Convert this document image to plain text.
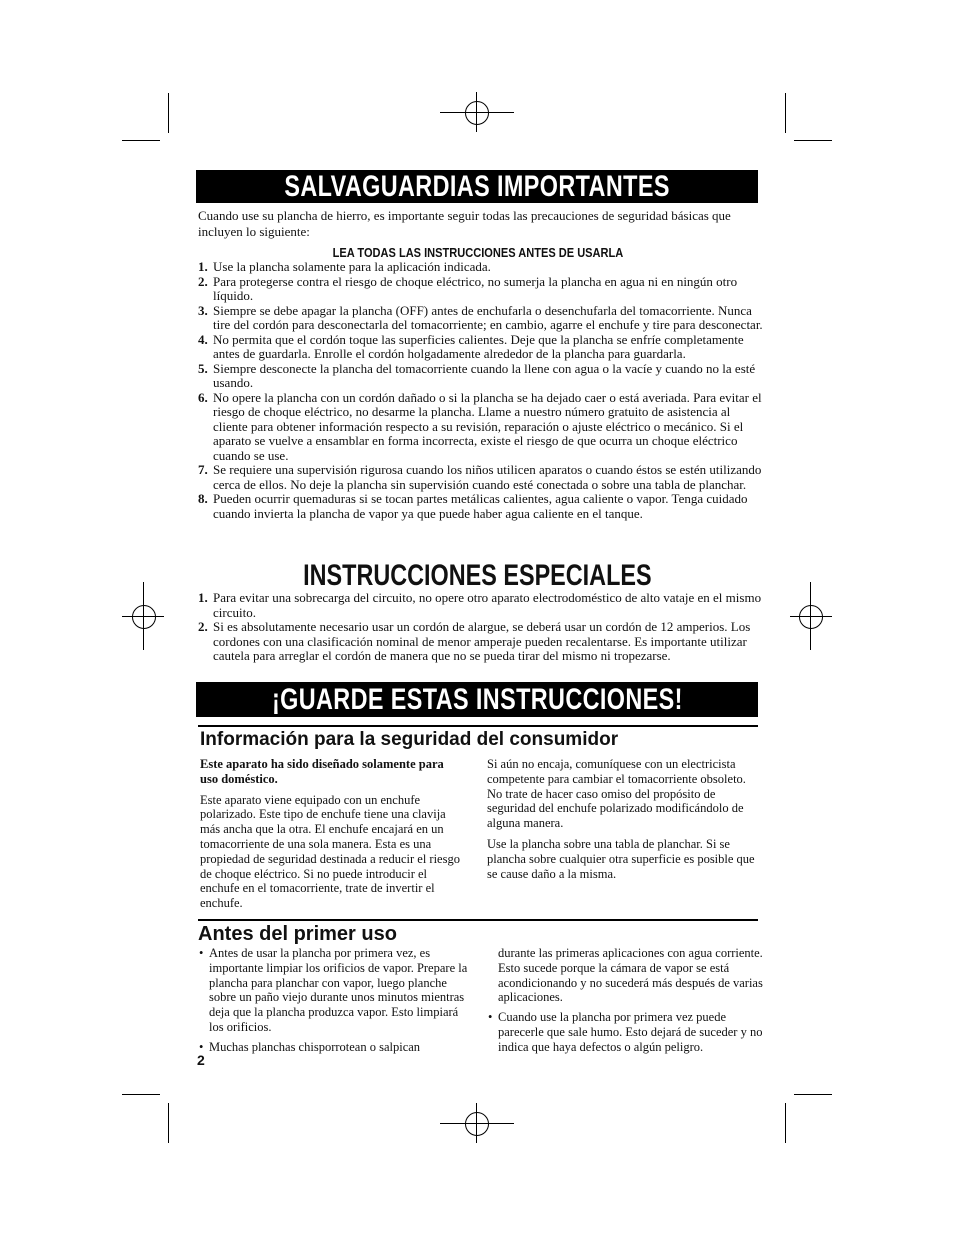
SALVAGUARDIAS IMPORTANTES
Cuando use su plancha de hierro, es importante seguir todas las precauciones de seguridad básicas que incluyen lo siguiente:
LEA TODAS LAS INSTRUCCIONES ANTES DE USARLA
1. Use la plancha solamente para la aplicación indicada.
2. Para protegerse contra el riesgo de choque eléctrico, no sumerja la plancha en agua ni en ningún otro líquido.
3. Siempre se debe apagar la plancha (OFF) antes de enchufarla o desenchufarla del tomacorriente. Nunca tire del cordón para desconectarla del tomacorriente; en cambio, agarre el enchufe y tire para desconectar.
4. No permita que el cordón toque las superficies calientes. Deje que la plancha se enfríe completamente antes de guardarla. Enrolle el cordón holgadamente alrededor de la plancha para guardarla.
5. Siempre desconecte la plancha del tomacorriente cuando la llene con agua o la vacíe y cuando no la esté usando.
6. No opere la plancha con un cordón dañado o si la plancha se ha dejado caer o está averiada. Para evitar el riesgo de choque eléctrico, no desarme la plancha. Llame a nuestro número gratuito de asistencia al cliente para obtener información respecto a su revisión, reparación o ajuste eléctrico o mecánico. Si el aparato se vuelve a ensamblar en forma incorrecta, existe el riesgo de que ocurra un choque eléctrico cuando se use.
7. Se requiere una supervisión rigurosa cuando los niños utilicen aparatos o cuando éstos se estén utilizando cerca de ellos. No deje la plancha sin supervisión cuando esté conectada o sobre una tabla de planchar.
8. Pueden ocurrir quemaduras si se tocan partes metálicas calientes, agua caliente o vapor. Tenga cuidado cuando invierta la plancha de vapor ya que puede haber agua caliente en el tanque.
INSTRUCCIONES ESPECIALES
1. Para evitar una sobrecarga del circuito, no opere otro aparato electrodoméstico de alto vataje en el mismo circuito.
2. Si es absolutamente necesario usar un cordón de alargue, se deberá usar un cordón de 12 amperios. Los cordones con una clasificación nominal de menor amperaje pueden recalentarse. Es importante utilizar cautela para arreglar el cordón de manera que no se pueda tirar del mismo ni tropezarse.
¡GUARDE ESTAS INSTRUCCIONES!
Información para la seguridad del consumidor

Este aparato ha sido diseñado solamente para uso doméstico.

Este aparato viene equipado con un enchufe polarizado. Este tipo de enchufe tiene una clavija más ancha que la otra. El enchufe encajará en un tomacorriente de una sola manera. Esta es una propiedad de seguridad destinada a reducir el riesgo de choque eléctrico. Si no puede introducir el enchufe en el tomacorriente, trate de invertir el enchufe.

Si aún no encaja, comuníquese con un electricista competente para cambiar el tomacorriente obsoleto. No trate de hacer caso omiso del propósito de seguridad del enchufe polarizado modificándolo de alguna manera.

Use la plancha sobre una tabla de planchar. Si se plancha sobre cualquier otra superficie es posible que se cause daño a la misma.

Antes del primer uso
• Antes de usar la plancha por primera vez, es importante limpiar los orificios de vapor. Prepare la plancha para planchar con vapor, luego planche sobre un paño viejo durante unos minutos mientras deja que la plancha produzca vapor. Esto limpiará los orificios.
• Muchas planchas chisporrotean o salpican

durante las primeras aplicaciones con agua corriente. Esto sucede porque la cámara de vapor se está acondicionando y no sucederá más después de varias aplicaciones.

• Cuando use la plancha por primera vez puede parecerle que sale humo. Esto dejará de suceder y no indica que haya defectos o algún peligro.
2
